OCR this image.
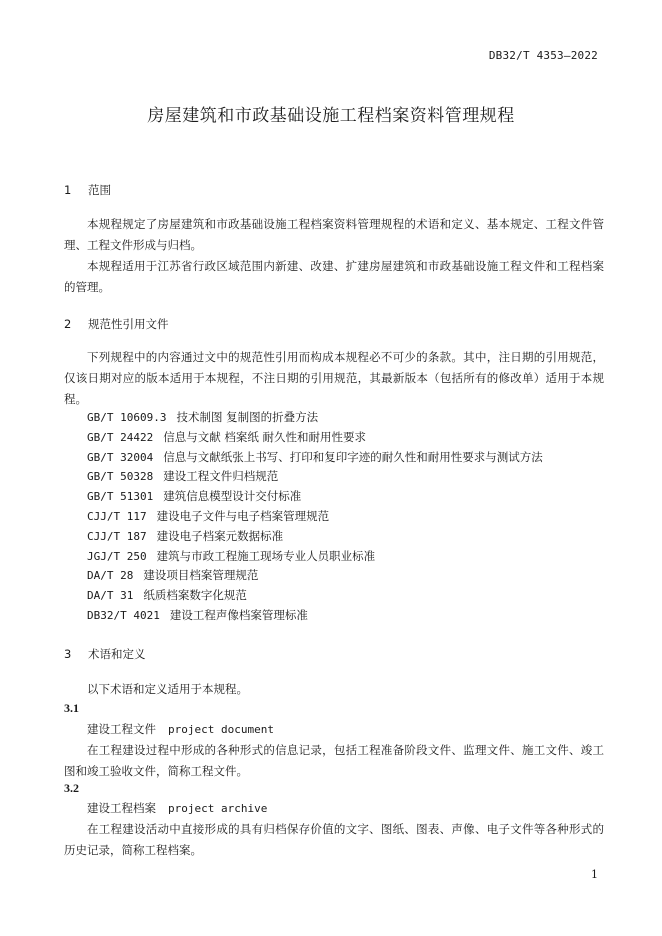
DB32/T 4353—2022
房屋建筑和市政基础设施工程档案资料管理规程
1 范围
本规程规定了房屋建筑和市政基础设施工程档案资料管理规程的术语和定义、基本规定、工程文件管理、工程文件形成与归档。
本规程适用于江苏省行政区域范围内新建、改建、扩建房屋建筑和市政基础设施工程文件和工程档案的管理。
2 规范性引用文件
下列规程中的内容通过文中的规范性引用而构成本规程必不可少的条款。其中，注日期的引用规范，仅该日期对应的版本适用于本规程，不注日期的引用规范，其最新版本（包括所有的修改单）适用于本规程。
GB/T 10609.3 技术制图 复制图的折叠方法
GB/T 24422 信息与文献 档案纸 耐久性和耐用性要求
GB/T 32004 信息与文献纸张上书写、打印和复印字迹的耐久性和耐用性要求与测试方法
GB/T 50328 建设工程文件归档规范
GB/T 51301 建筑信息模型设计交付标准
CJJ/T 117 建设电子文件与电子档案管理规范
CJJ/T 187 建设电子档案元数据标准
JGJ/T 250 建筑与市政工程施工现场专业人员职业标准
DA/T 28 建设项目档案管理规范
DA/T 31 纸质档案数字化规范
DB32/T 4021 建设工程声像档案管理标准
3 术语和定义
以下术语和定义适用于本规程。
3.1
建设工程文件 project document
在工程建设过程中形成的各种形式的信息记录，包括工程准备阶段文件、监理文件、施工文件、竣工图和竣工验收文件，简称工程文件。
3.2
建设工程档案 project archive
在工程建设活动中直接形成的具有归档保存价值的文字、图纸、图表、声像、电子文件等各种形式的历史记录，简称工程档案。
1
